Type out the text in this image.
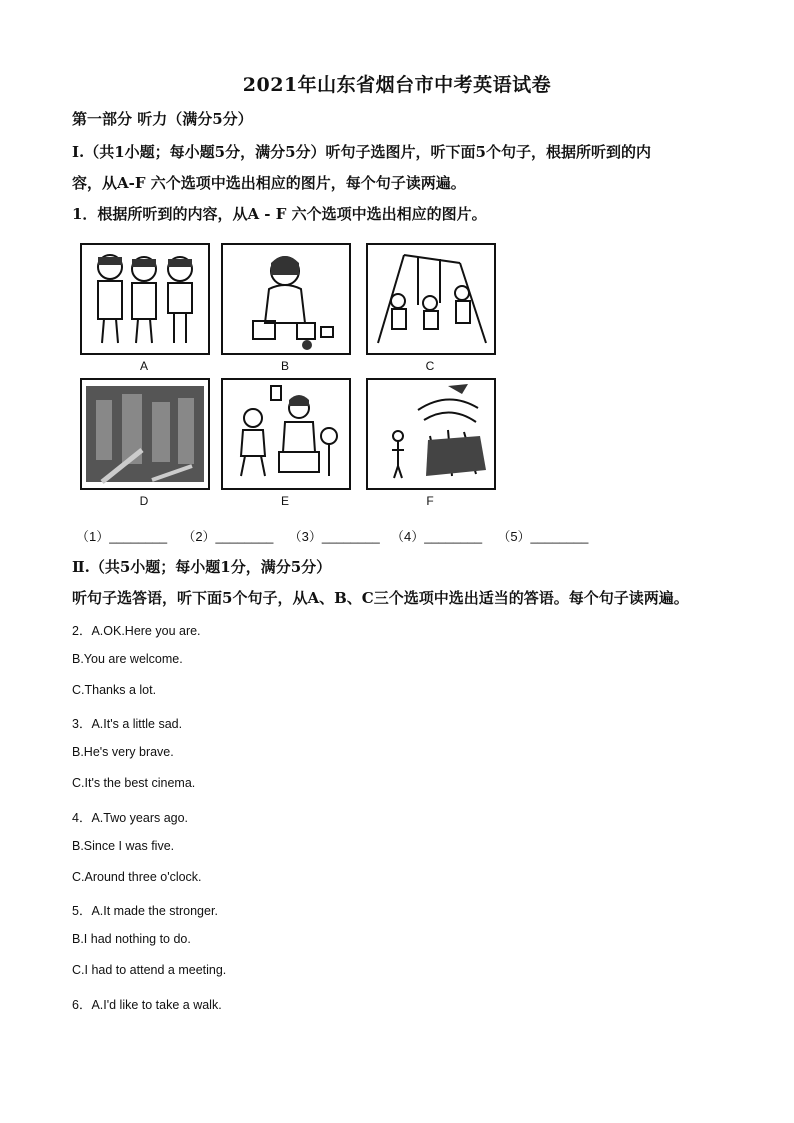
2021年山东省烟台市中考英语试卷
第一部分 听力（满分5分）
Ⅰ.（共1小题；每小题5分，满分5分）听句子选图片，听下面5个句子，根据所听到的内
容，从A-F 六个选项中选出相应的图片，每个句子读两遍。
1．根据所听到的内容，从A - F 六个选项中选出相应的图片。
A	B	C
D	E	F
（1）________ （2）________ （3）________ （4）________ （5）________
Ⅱ.（共5小题；每小题1分，满分5分）
听句子选答语，听下面5个句子，从A、B、C三个选项中选出适当的答语。每个句子读两遍。
2．A.OK.Here you are.
B.You are welcome.
C.Thanks a lot.
3．A.It's a little sad.
B.He's very brave.
C.It's the best cinema.
4．A.Two years ago.
B.Since I was five.
C.Around three o'clock.
5．A.It made the stronger.
B.I had nothing to do.
C.I had to attend a meeting.
6．A.I'd like to take a walk.
